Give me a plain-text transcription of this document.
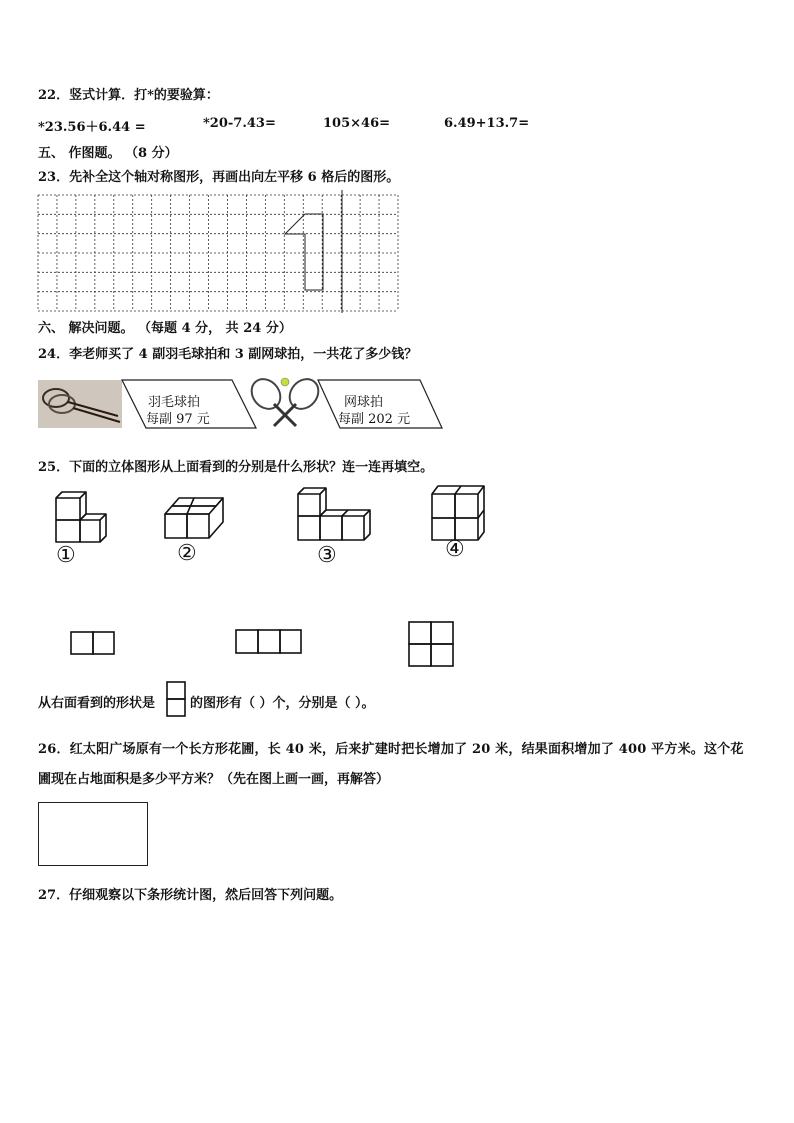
22．竖式计算．打*的要验算：
*23.56＋6.44 =	*20-7.43=	105×46=	6.49+13.7=
五、 作图题。 （8 分）
23．先补全这个轴对称图形，再画出向左平移 6 格后的图形。
六、 解决问题。 （每题 4 分， 共 24 分）
24．李老师买了 4 副羽毛球拍和 3 副网球拍，一共花了多少钱？
羽毛球拍
每副 97 元
网球拍
每副 202 元
25．下面的立体图形从上面看到的分别是什么形状？连一连再填空。
①	②	③	④
从右面看到的形状是	的图形有（ ）个，分别是（ ）。
26．红太阳广场原有一个长方形花圃，长 40 米，后来扩建时把长增加了 20 米，结果面积增加了 400 平方米。这个花
圃现在占地面积是多少平方米？（先在图上画一画，再解答）
27．仔细观察以下条形统计图，然后回答下列问题。
